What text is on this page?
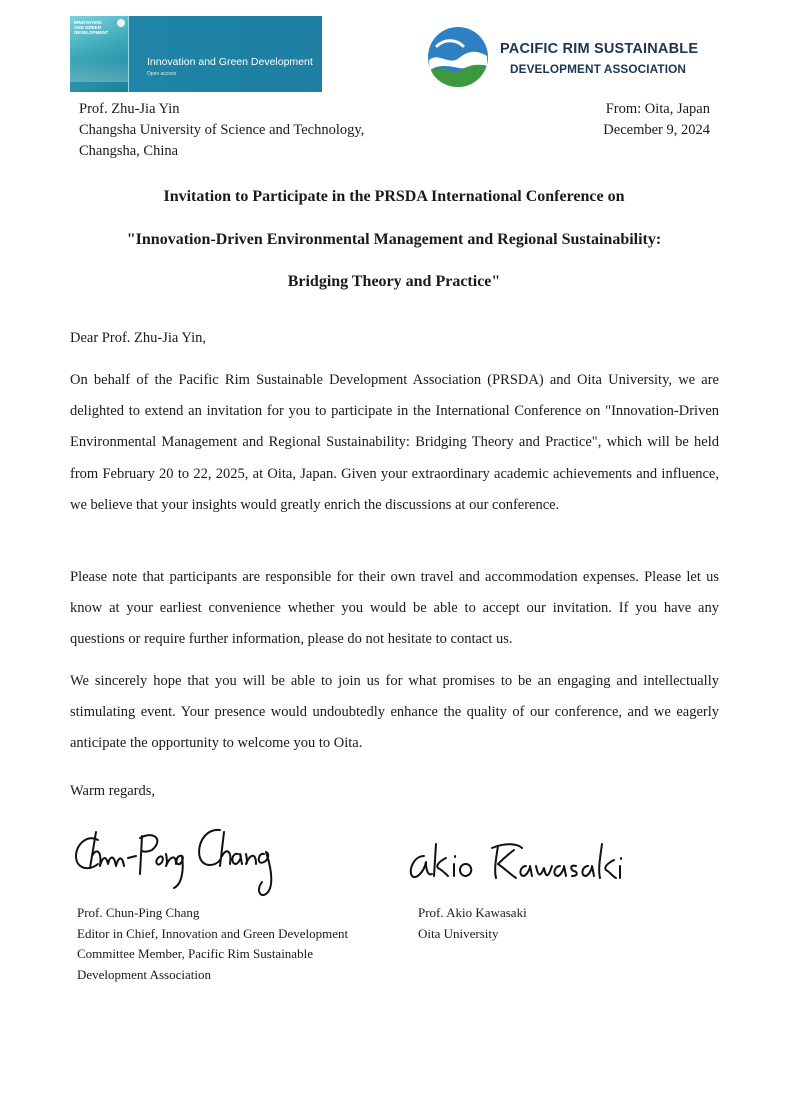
INNOVATION AND GREEN DEVELOPMENT
Innovation and Green Development
Open access
PACIFIC RIM SUSTAINABLE
DEVELOPMENT ASSOCIATION
Prof. Zhu-Jia Yin
Changsha University of Science and Technology,
Changsha, China
From: Oita, Japan
December 9, 2024
Invitation to Participate in the PRSDA International Conference on
"Innovation-Driven Environmental Management and Regional Sustainability:
Bridging Theory and Practice"
Dear Prof. Zhu-Jia Yin,

On behalf of the Pacific Rim Sustainable Development Association (PRSDA) and Oita University, we are delighted to extend an invitation for you to participate in the International Conference on "Innovation-Driven Environmental Management and Regional Sustainability: Bridging Theory and Practice", which will be held from February 20 to 22, 2025, at Oita, Japan. Given your extraordinary academic achievements and influence, we believe that your insights would greatly enrich the discussions at our conference.

Please note that participants are responsible for their own travel and accommodation expenses. Please let us know at your earliest convenience whether you would be able to accept our invitation. If you have any questions or require further information, please do not hesitate to contact us.

We sincerely hope that you will be able to join us for what promises to be an engaging and intellectually stimulating event. Your presence would undoubtedly enhance the quality of our conference, and we eagerly anticipate the opportunity to welcome you to Oita.

Warm regards,
Prof. Chun-Ping Chang
Editor in Chief, Innovation and Green Development
Committee Member, Pacific Rim Sustainable
Development Association
Prof. Akio Kawasaki
Oita University
